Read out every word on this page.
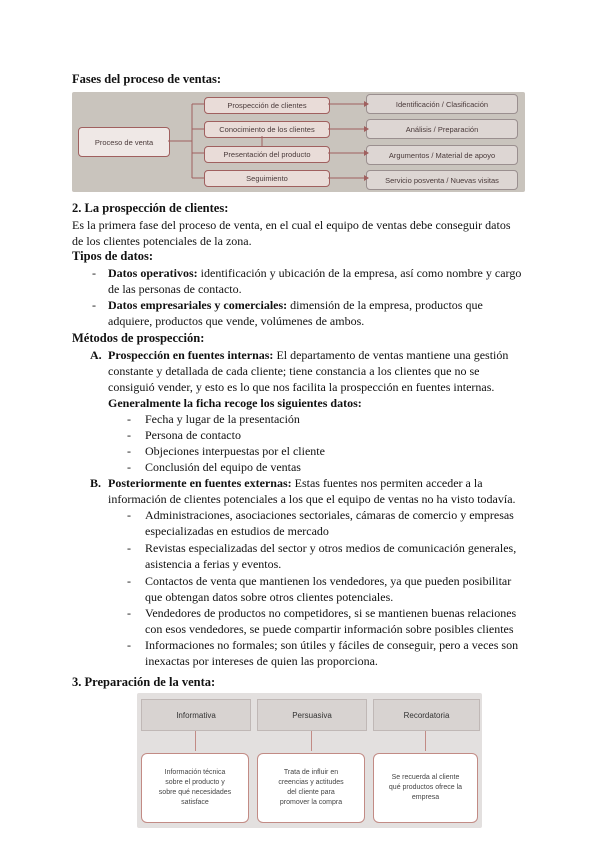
Fases del proceso de ventas:
Proceso de venta
Prospección de clientes
Conocimiento de los clientes
Presentación del producto
Seguimiento
Identificación / Clasificación
Análisis / Preparación
Argumentos / Material de apoyo
Servicio posventa / Nuevas visitas
2. La prospección de clientes:
Es la primera fase del proceso de venta, en el cual el equipo de ventas debe conseguir datos
de los clientes potenciales de la zona.
Tipos de datos:
- Datos operativos: identificación y ubicación de la empresa, así como nombre y cargo
de las personas de contacto.
- Datos empresariales y comerciales: dimensión de la empresa, productos que
adquiere, productos que vende, volúmenes de ambos.
Métodos de prospección:
A. Prospección en fuentes internas: El departamento de ventas mantiene una gestión
constante y detallada de cada cliente; tiene constancia a los clientes que no se
consiguió vender, y esto es lo que nos facilita la prospección en fuentes internas.
Generalmente la ficha recoge los siguientes datos:
- Fecha y lugar de la presentación
- Persona de contacto
- Objeciones interpuestas por el cliente
- Conclusión del equipo de ventas
B. Posteriormente en fuentes externas: Estas fuentes nos permiten acceder a la
información de clientes potenciales a los que el equipo de ventas no ha visto todavía.
- Administraciones, asociaciones sectoriales, cámaras de comercio y empresas
especializadas en estudios de mercado
- Revistas especializadas del sector y otros medios de comunicación generales,
asistencia a ferias y eventos.
- Contactos de venta que mantienen los vendedores, ya que pueden posibilitar
que obtengan datos sobre otros clientes potenciales.
- Vendedores de productos no competidores, si se mantienen buenas relaciones
con esos vendedores, se puede compartir información sobre posibles clientes
- Informaciones no formales; son útiles y fáciles de conseguir, pero a veces son
inexactas por intereses de quien las proporciona.
3. Preparación de la venta:
Informativa	Persuasiva	Recordatoria
Información técnica
sobre el producto y
sobre qué necesidades
satisface
Trata de influir en
creencias y actitudes
del cliente para
promover la compra
Se recuerda al cliente
qué productos ofrece la
empresa
